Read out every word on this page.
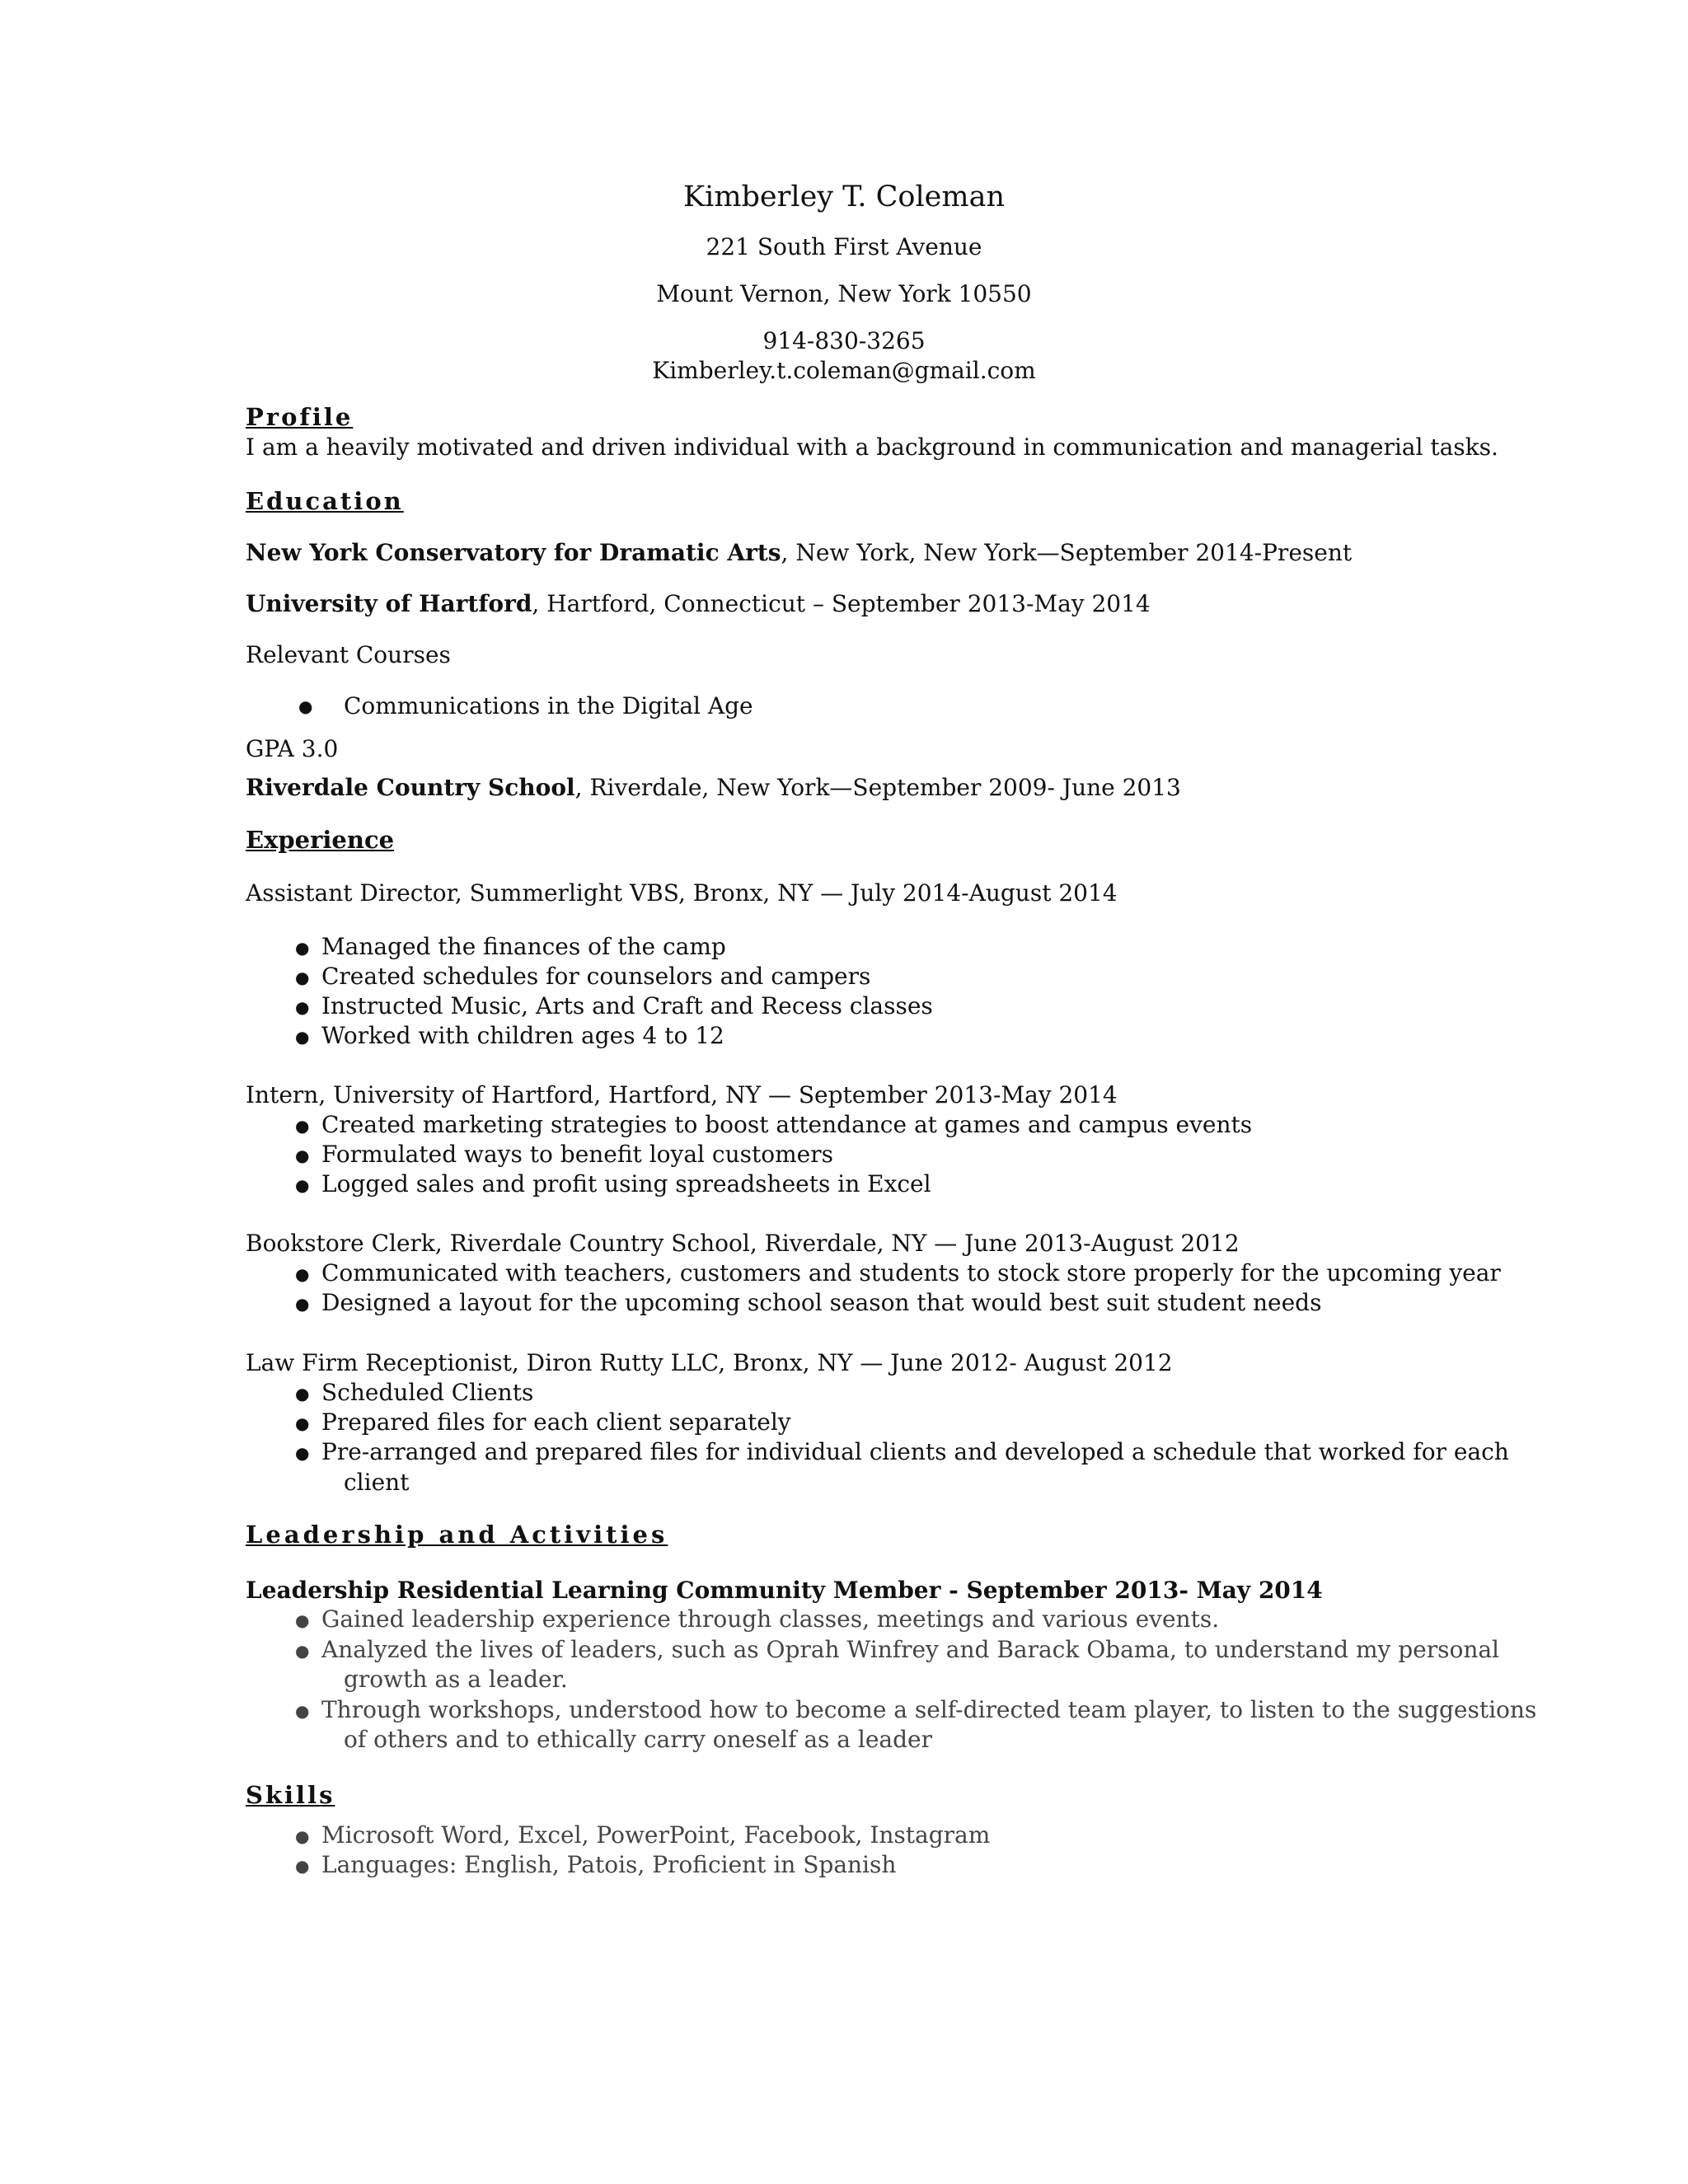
Kimberley T. Coleman
221 South First Avenue
Mount Vernon, New York 10550
914-830-3265
Kimberley.t.coleman@gmail.com
Profile
I am a heavily motivated and driven individual with a background in communication and managerial tasks.
Education
New York Conservatory for Dramatic Arts, New York, New York—September 2014-Present
University of Hartford, Hartford, Connecticut – September 2013-May 2014
Relevant Courses
● Communications in the Digital Age
GPA 3.0
Riverdale Country School, Riverdale, New York—September 2009- June 2013
Experience
Assistant Director, Summerlight VBS, Bronx, NY — July 2014-August 2014
● Managed the finances of the camp
● Created schedules for counselors and campers
● Instructed Music, Arts and Craft and Recess classes
● Worked with children ages 4 to 12
Intern, University of Hartford, Hartford, NY — September 2013-May 2014
● Created marketing strategies to boost attendance at games and campus events
● Formulated ways to benefit loyal customers
● Logged sales and profit using spreadsheets in Excel
Bookstore Clerk, Riverdale Country School, Riverdale, NY — June 2013-August 2012
● Communicated with teachers, customers and students to stock store properly for the upcoming year
● Designed a layout for the upcoming school season that would best suit student needs
Law Firm Receptionist, Diron Rutty LLC, Bronx, NY — June 2012- August 2012
● Scheduled Clients
● Prepared files for each client separately
● Pre-arranged and prepared files for individual clients and developed a schedule that worked for each
client
Leadership and Activities
Leadership Residential Learning Community Member - September 2013- May 2014
● Gained leadership experience through classes, meetings and various events.
● Analyzed the lives of leaders, such as Oprah Winfrey and Barack Obama, to understand my personal
growth as a leader.
● Through workshops, understood how to become a self-directed team player, to listen to the suggestions
of others and to ethically carry oneself as a leader
Skills
● Microsoft Word, Excel, PowerPoint, Facebook, Instagram
● Languages: English, Patois, Proficient in Spanish
